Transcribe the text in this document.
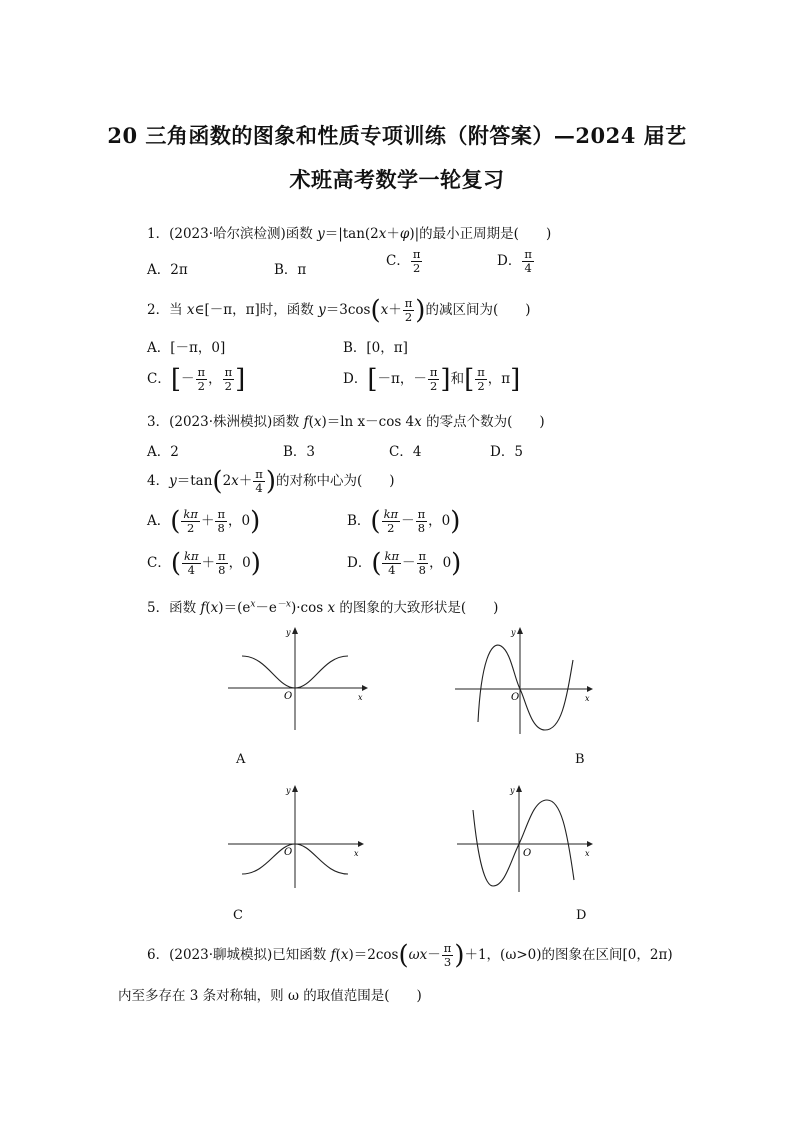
20 三角函数的图象和性质专项训练（附答案）—2024 届艺
术班高考数学一轮复习
1．(2023·哈尔滨检测)函数 y＝|tan(2x＋φ)|的最小正周期是(　　)
A．2π	B．π
C． $\frac{\pi}{2}$	D． $\frac{\pi}{4}$
2．当 x∈[－π，π]时，函数 $y=3\cos(x+ \frac{\pi}{2}$ )的减区间为(　　)
A．[－π，0]	B．[0，π]
C．[－ $\frac{\pi}{2}$ ， $\frac{\pi}{2}$ ]	D．[－π，－ $\frac{\pi}{2}$ ]和[ $\frac{\pi}{2}$ ，π]
3．(2023·株洲模拟)函数 f(x)＝ln x－cos 4x 的零点个数为(　　)
A．2	B．3	C．4	D．5
4．$y=\tan(2x+ \frac{\pi}{4}$ )的对称中心为(　　)
A．( $\frac{k\pi}{2} + \frac{\pi}{8}$ ，0)	B．( $\frac{k\pi}{2} - \frac{\pi}{8}$ ，0)
C．( $\frac{k\pi}{4} + \frac{\pi}{8}$ ，0)	D．( $\frac{k\pi}{4} - \frac{\pi}{8}$ ，0)
5．函数 $f(x)=(e^x-e^{-x})\cdot\cos$ x 的图象的大致形状是(　　)
O	x
y
A
O	x
y
B
O	x
y
C
O	x
y
D
6．(2023·聊城模拟)已知函数 $f(x)=2\cos(\omega x- \frac{\pi}{3} )+1$，(ω>0)的图象在区间[0，2π)
内至多存在 3 条对称轴，则 ω 的取值范围是(　　)
